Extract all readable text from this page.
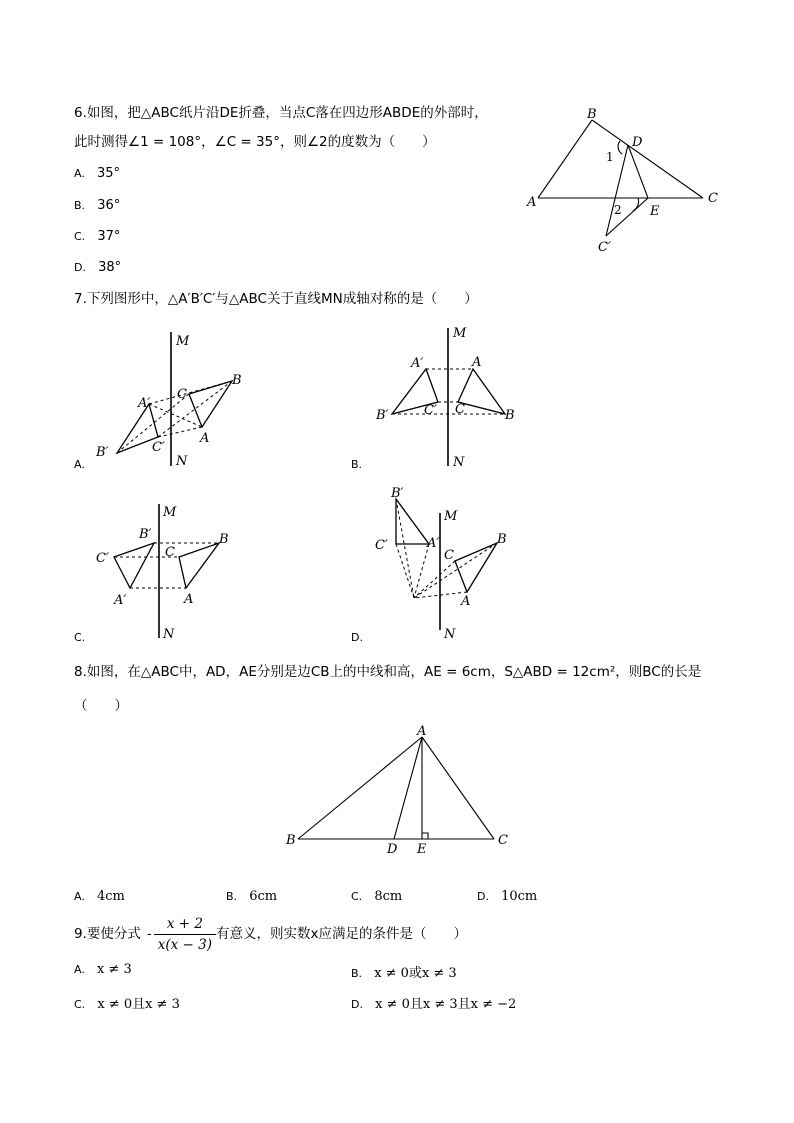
6.如图，把△ABC纸片沿DE折叠，当点C落在四边形ABDE的外部时，
此时测得∠1 = 108°，∠C = 35°，则∠2的度数为（　　）
A. 35°
B. 36°
C. 37°
D. 38°
B
D
A	C
E
C′
1
2
7.下列图形中，△A′B′C′与△ABC关于直线MN成轴对称的是（　　）
A.
M
N
A′
B′	C′
C
B
A
B.
M
N
A′
B′	C′
A
B
C
C.
M
N
B′
C′
A′
C
B
A
D.
M
N
B′
C′	A′
C
B
A
8.如图，在△ABC中，AD，AE分别是边CB上的中线和高，AE = 6cm，S△ABD = 12cm²，则BC的长是
（　　）
A
B	C
D E
A. 4cm	B. 6cm	C. 8cm	D. 10cm
9.要使分式 - $\frac{x + 2}{x(x - 3)}$ 有意义，则实数x应满足的条件是（　　）
A. x ≠ 3	B. x ≠ 0或x ≠ 3
C. x ≠ 0且x ≠ 3	D. x ≠ 0且x ≠ 3且x ≠ −2
